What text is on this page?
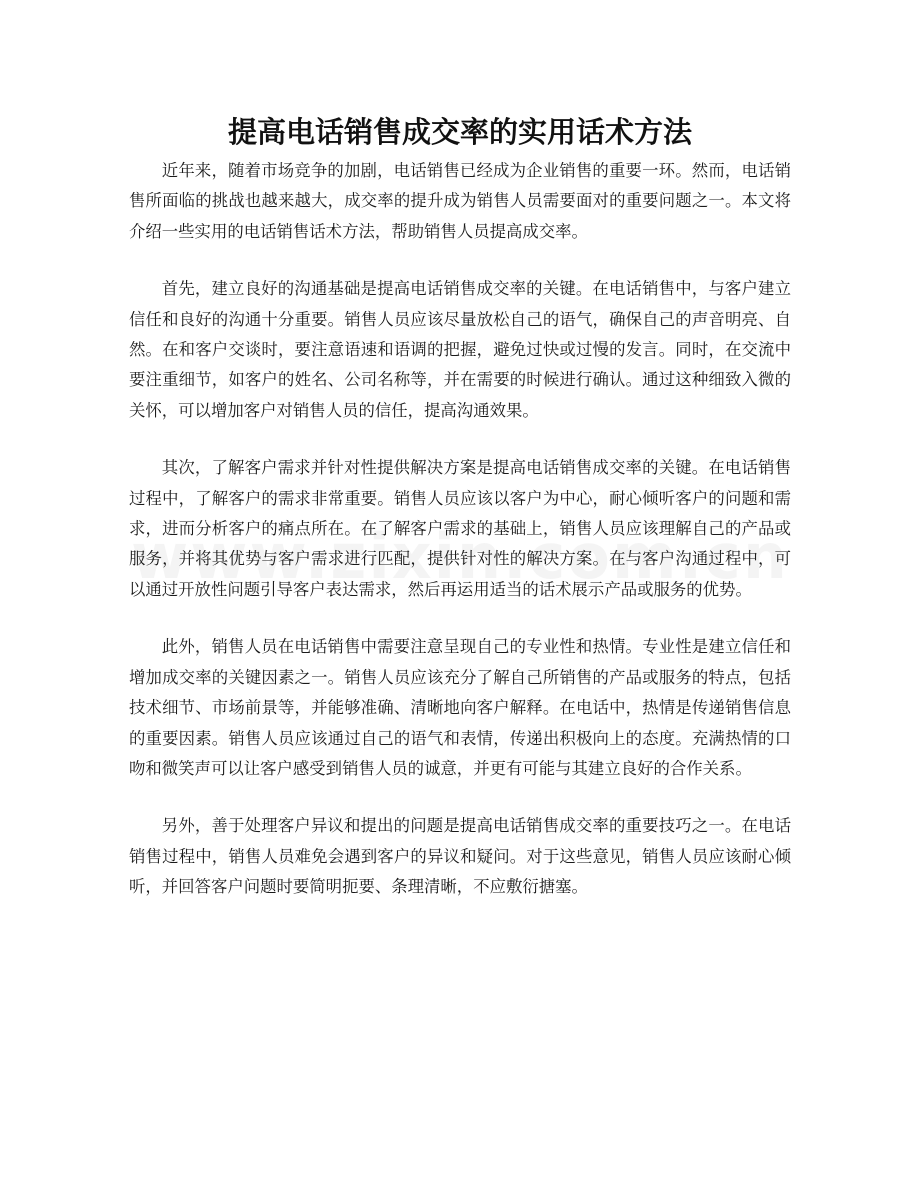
提高电话销售成交率的实用话术方法

近年来，随着市场竞争的加剧，电话销售已经成为企业销售的重要一环。然而，电话销售所面临的挑战也越来越大，成交率的提升成为销售人员需要面对的重要问题之一。本文将介绍一些实用的电话销售话术方法，帮助销售人员提高成交率。

首先，建立良好的沟通基础是提高电话销售成交率的关键。在电话销售中，与客户建立信任和良好的沟通十分重要。销售人员应该尽量放松自己的语气，确保自己的声音明亮、自然。在和客户交谈时，要注意语速和语调的把握，避免过快或过慢的发言。同时，在交流中要注重细节，如客户的姓名、公司名称等，并在需要的时候进行确认。通过这种细致入微的关怀，可以增加客户对销售人员的信任，提高沟通效果。

其次，了解客户需求并针对性提供解决方案是提高电话销售成交率的关键。在电话销售过程中，了解客户的需求非常重要。销售人员应该以客户为中心，耐心倾听客户的问题和需求，进而分析客户的痛点所在。在了解客户需求的基础上，销售人员应该理解自己的产品或服务，并将其优势与客户需求进行匹配，提供针对性的解决方案。在与客户沟通过程中，可以通过开放性问题引导客户表达需求，然后再运用适当的话术展示产品或服务的优势。

此外，销售人员在电话销售中需要注意呈现自己的专业性和热情。专业性是建立信任和增加成交率的关键因素之一。销售人员应该充分了解自己所销售的产品或服务的特点，包括技术细节、市场前景等，并能够准确、清晰地向客户解释。在电话中，热情是传递销售信息的重要因素。销售人员应该通过自己的语气和表情，传递出积极向上的态度。充满热情的口吻和微笑声可以让客户感受到销售人员的诚意，并更有可能与其建立良好的合作关系。

另外，善于处理客户异议和提出的问题是提高电话销售成交率的重要技巧之一。在电话销售过程中，销售人员难免会遇到客户的异议和疑问。对于这些意见，销售人员应该耐心倾听，并回答客户问题时要简明扼要、条理清晰，不应敷衍搪塞。
